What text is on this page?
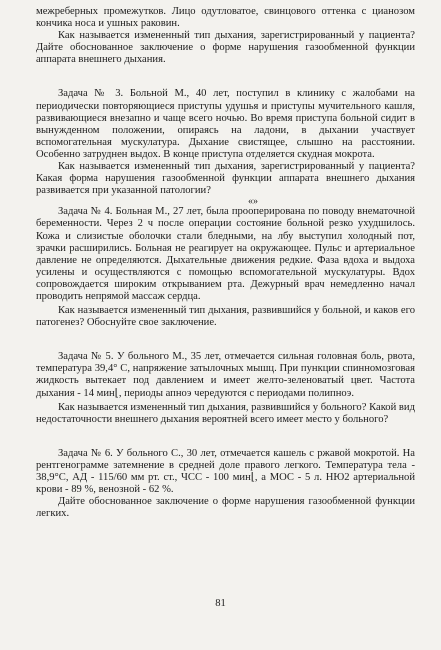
межреберных промежутков. Лицо одутловатое, свинцового оттенка с цианозом кончика носа и ушных раковин.

Как называется измененный тип дыхания, зарегистрированный у пациента? Дайте обоснованное заключение о форме нарушения газообменной функции аппарата внешнего дыхания.

Задача № 3. Больной М., 40 лет, поступил в клинику с жалобами на периодически повторяющиеся приступы удушья и приступы мучительного кашля, развивающиеся внезапно и чаще всего ночью. Во время приступа больной сидит в вынужденном положении, опираясь на ладони, в дыхании участвует вспомогательная мускулатура. Дыхание свистящее, слышно на расстоянии. Особенно затруднен выдох. В конце приступа отделяется скудная мокрота.

Как называется измененный тип дыхания, зарегистрированный у пациента? Какая форма нарушения газообменной функции аппарата внешнего дыхания развивается при указанной патологии?

«»

Задача № 4. Больная М., 27 лет, была прооперирована по поводу внематочной беременности. Через 2 ч после операции состояние больной резко ухудшилось. Кожа и слизистые оболочки стали бледными, на лбу выступил холодный пот, зрачки расширились. Больная не реагирует на окружающее. Пульс и артериальное давление не определяются. Дыхательные движения редкие. Фаза вдоха и выдоха усилены и осуществляются с помощью вспомогательной мускулатуры. Вдох сопровождается широким открыванием рта. Дежурный врач немедленно начал проводить непрямой массаж сердца.

Как называется измененный тип дыхания, развившийся у больной, и каков его патогенез? Обоснуйте свое заключение.

Задача № 5. У больного М., 35 лет, отмечается сильная головная боль, рвота, температура 39,4° С, напряжение затылочных мышц. При пункции спинномозговая жидкость вытекает под давлением и имеет желто-зеленоватый цвет. Частота дыхания - 14 мин⌊, периоды апноэ чередуются с периодами полипноэ.

Как называется измененный тип дыхания, развившийся у больного? Какой вид недостаточности внешнего дыхания вероятней всего имеет место у больного?

Задача № 6. У больного С., 30 лет, отмечается кашель с ржавой мокротой. На рентгенограмме затемнение в средней доле правого легкого. Температура тела - 38,9°С, АД - 115/60 мм рт. ст., ЧСС - 100 мин⌊, а МОС - 5 л. НЮ2 артериальной крови - 89 %, венозной - 62 %.

Дайте обоснованное заключение о форме нарушения газообменной функции легких.

81
